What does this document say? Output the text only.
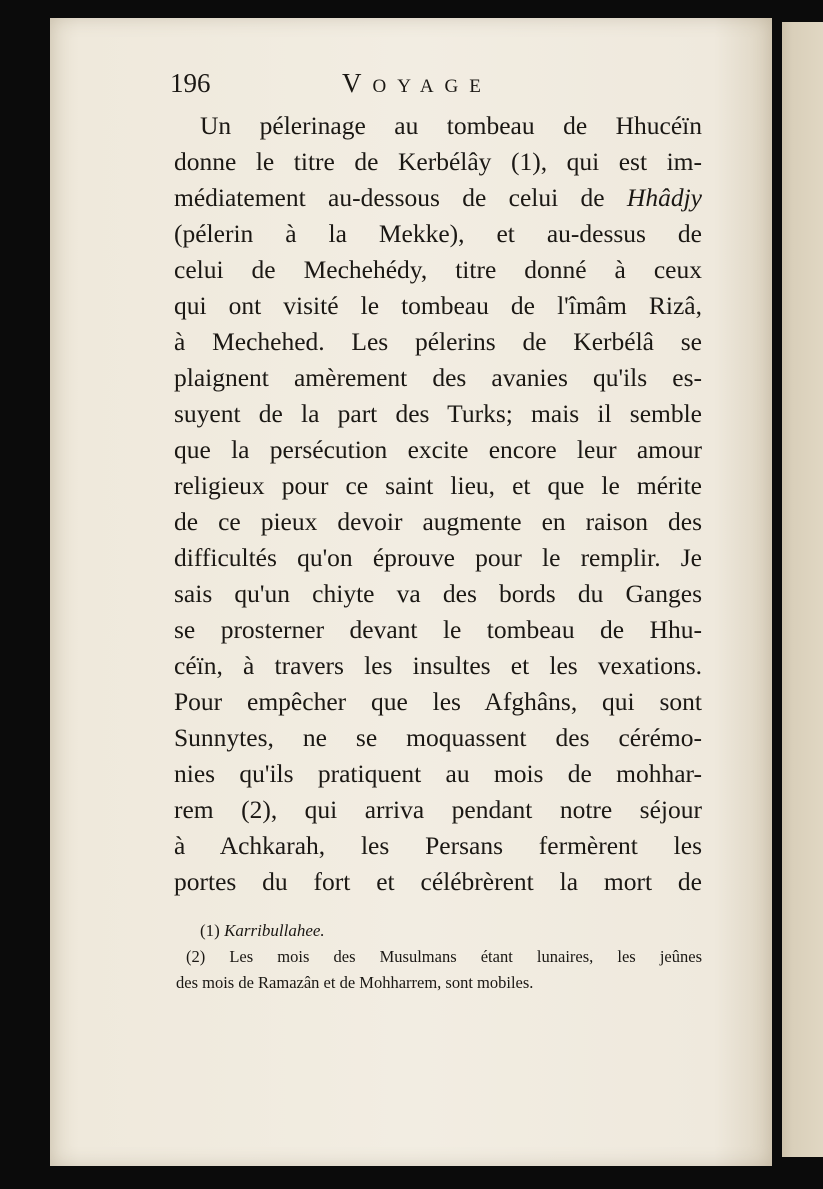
196	Voyage
Un pélerinage au tombeau de Hhucéïn
donne le titre de Kerbélây (1), qui est im-
médiatement au-dessous de celui de Hhâdjy
(pélerin à la Mekke), et au-dessus de
celui de Mechehédy, titre donné à ceux
qui ont visité le tombeau de l'îmâm Rizâ,
à Mechehed. Les pélerins de Kerbélâ se
plaignent amèrement des avanies qu'ils es-
suyent de la part des Turks; mais il semble
que la persécution excite encore leur amour
religieux pour ce saint lieu, et que le mérite
de ce pieux devoir augmente en raison des
difficultés qu'on éprouve pour le remplir. Je
sais qu'un chiyte va des bords du Ganges
se prosterner devant le tombeau de Hhu-
céïn, à travers les insultes et les vexations.
Pour empêcher que les Afghâns, qui sont
Sunnytes, ne se moquassent des cérémo-
nies qu'ils pratiquent au mois de mohhar-
rem (2), qui arriva pendant notre séjour
à Achkarah, les Persans fermèrent les
portes du fort et célébrèrent la mort de
(1) Karribullahee.
(2) Les mois des Musulmans étant lunaires, les jeûnes
des mois de Ramazân et de Mohharrem, sont mobiles.
